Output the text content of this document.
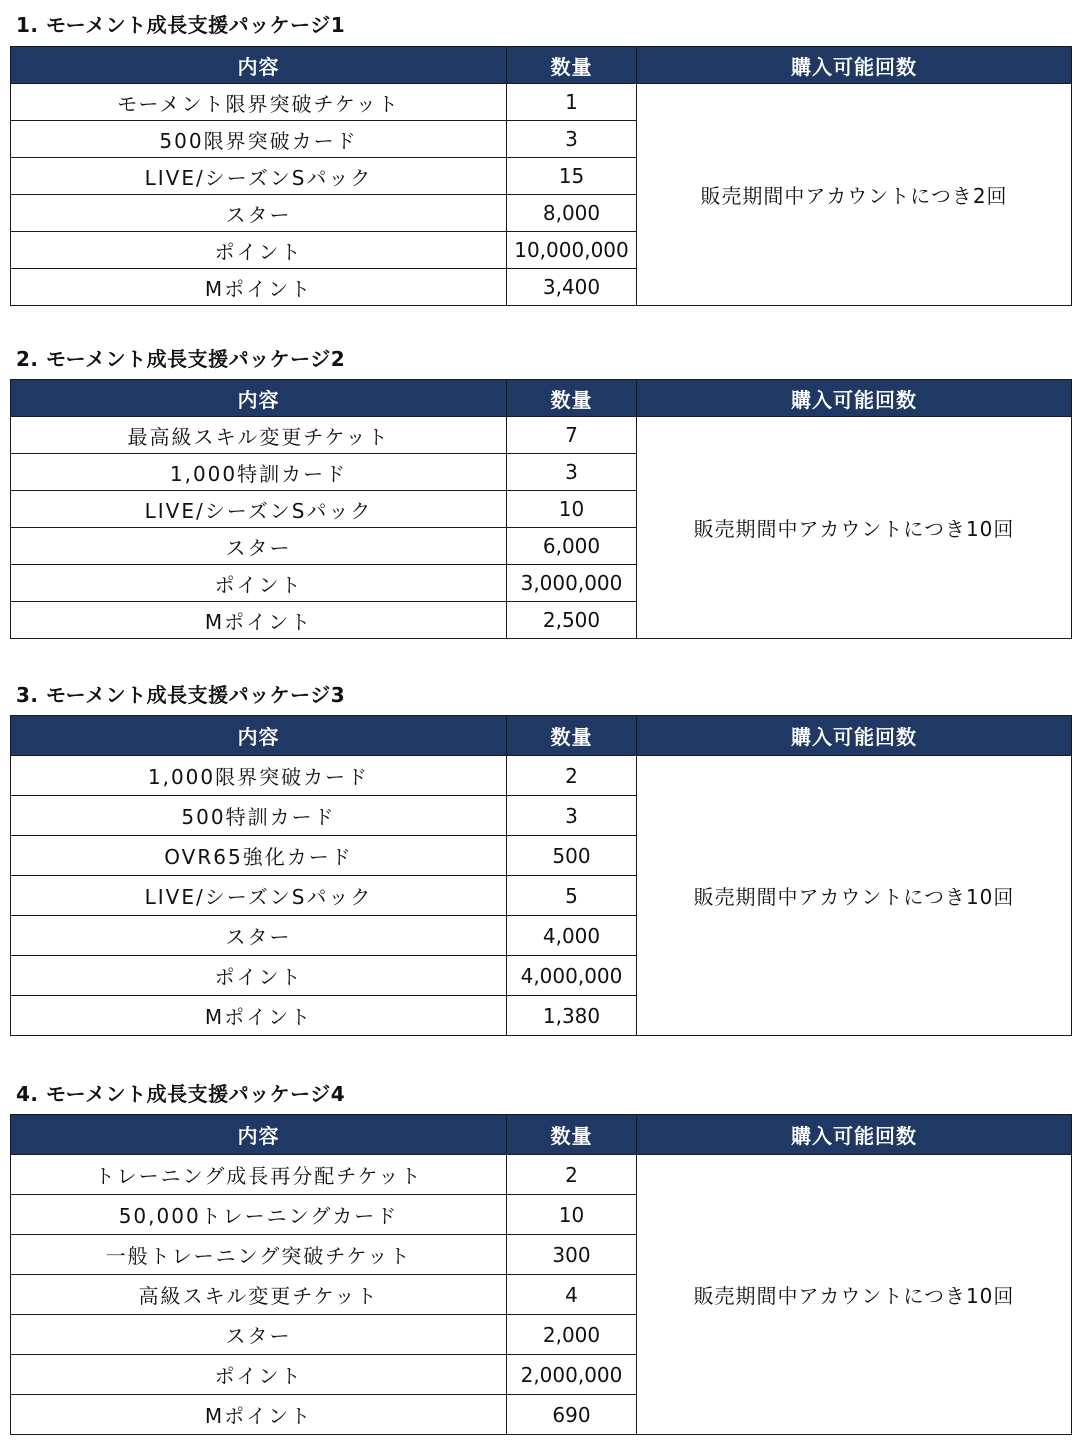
1. モーメント成長支援パッケージ1
内容	数量	購入可能回数
モーメント限界突破チケット	1	販売期間中アカウントにつき2回
500限界突破カード	3	
LIVE/シーズンSパック	15	
スター	8,000	
ポイント	10,000,000	
Mポイント	3,400	
2. モーメント成長支援パッケージ2
内容	数量	購入可能回数
最高級スキル変更チケット	7	販売期間中アカウントにつき10回
1,000特訓カード	3	
LIVE/シーズンSパック	10	
スター	6,000	
ポイント	3,000,000	
Mポイント	2,500	
3. モーメント成長支援パッケージ3
内容	数量	購入可能回数
1,000限界突破カード	2	販売期間中アカウントにつき10回
500特訓カード	3	
OVR65強化カード	500	
LIVE/シーズンSパック	5	
スター	4,000	
ポイント	4,000,000	
Mポイント	1,380	
4. モーメント成長支援パッケージ4
内容	数量	購入可能回数
トレーニング成長再分配チケット	2	販売期間中アカウントにつき10回
50,000トレーニングカード	10	
一般トレーニング突破チケット	300	
高級スキル変更チケット	4	
スター	2,000	
ポイント	2,000,000	
Mポイント	690	
